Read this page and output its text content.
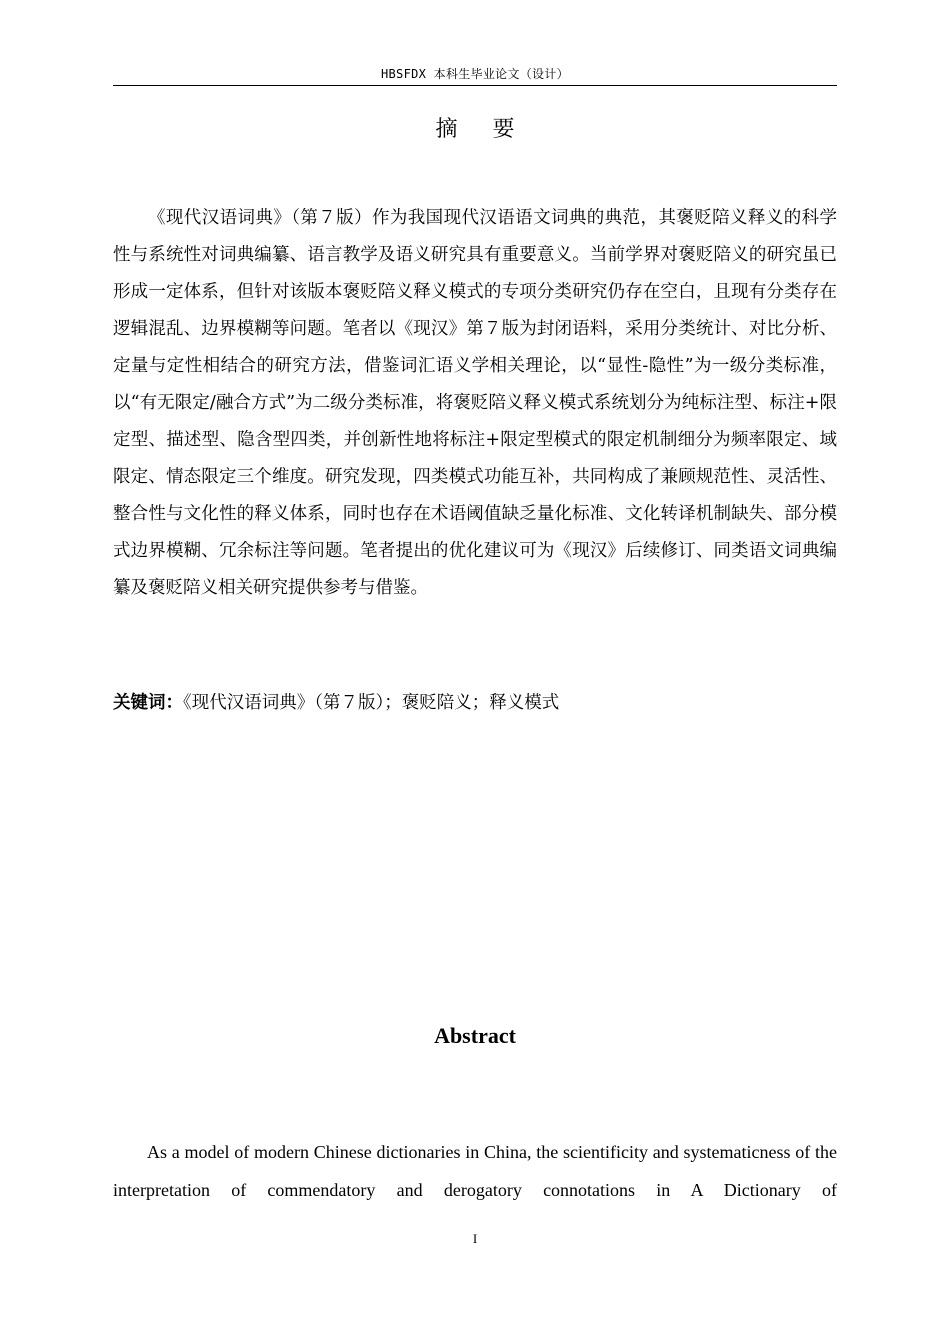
HBSFDX 本科生毕业论文（设计）
摘 要

《现代汉语词典》（第７版）作为我国现代汉语语文词典的典范，其褒贬陪义释义的科学性与系统性对词典编纂、语言教学及语义研究具有重要意义。当前学界对褒贬陪义的研究虽已形成一定体系，但针对该版本褒贬陪义释义模式的专项分类研究仍存在空白，且现有分类存在逻辑混乱、边界模糊等问题。笔者以《现汉》第７版为封闭语料，采用分类统计、对比分析、定量与定性相结合的研究方法，借鉴词汇语义学相关理论，以“显性-隐性”为一级分类标准，以“有无限定/融合方式”为二级分类标准，将褒贬陪义释义模式系统划分为纯标注型、标注+限定型、描述型、隐含型四类，并创新性地将标注+限定型模式的限定机制细分为频率限定、域限定、情态限定三个维度。研究发现，四类模式功能互补，共同构成了兼顾规范性、灵活性、整合性与文化性的释义体系，同时也存在术语阈值缺乏量化标准、文化转译机制缺失、部分模式边界模糊、冗余标注等问题。笔者提出的优化建议可为《现汉》后续修订、同类语文词典编纂及褒贬陪义相关研究提供参考与借鉴。

关键词：《现代汉语词典》（第７版）；褒贬陪义；释义模式

Abstract

As a model of modern Chinese dictionaries in China, the scientificity and systematicness of the interpretation of commendatory and derogatory connotations in A Dictionary of

I
